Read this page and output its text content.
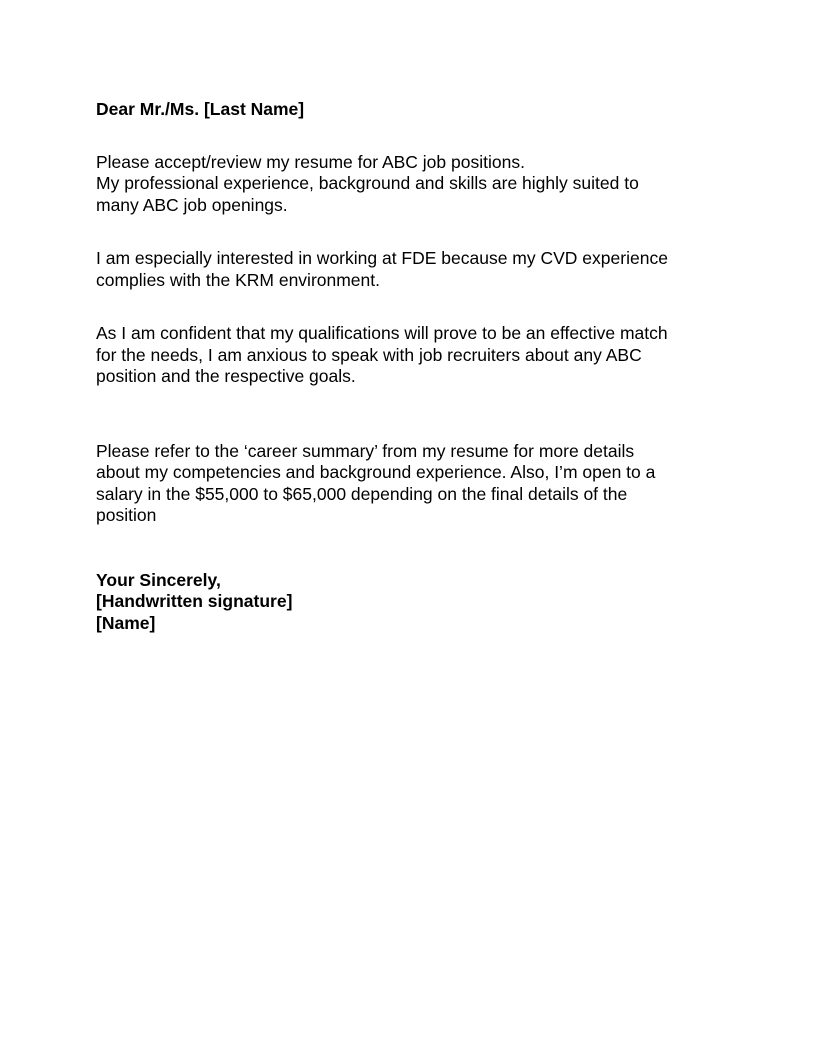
Dear Mr./Ms. [Last Name]

Please accept/review my resume for ABC job positions.
My professional experience, background and skills are highly suited to
many ABC job openings.

I am especially interested in working at FDE because my CVD experience
complies with the KRM environment.

As I am confident that my qualifications will prove to be an effective match
for the needs, I am anxious to speak with job recruiters about any ABC
position and the respective goals.

Please refer to the ‘career summary’ from my resume for more details
about my competencies and background experience. Also, I’m open to a
salary in the $55,000 to $65,000 depending on the final details of the
position

Your Sincerely,
[Handwritten signature]
[Name]
